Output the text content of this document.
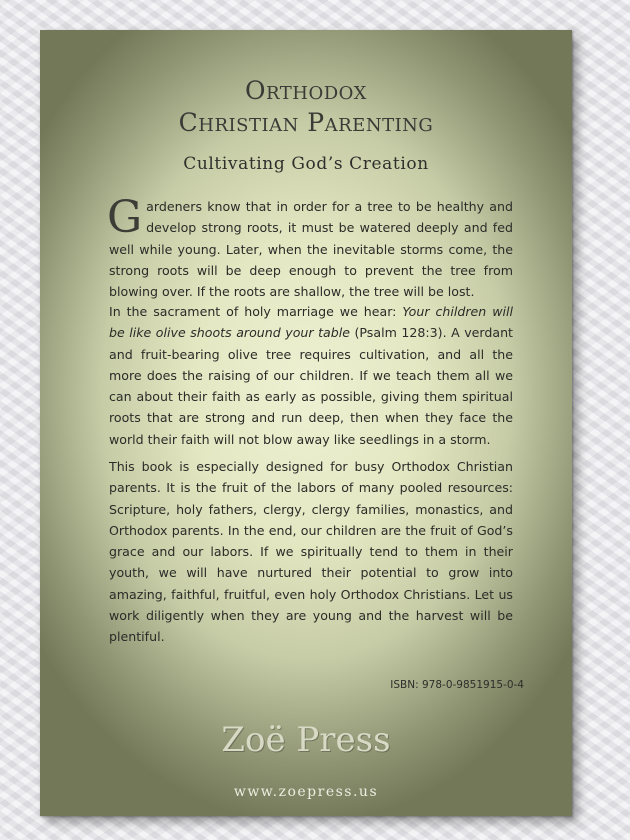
Orthodox
Christian Parenting
Cultivating God’s Creation
Gardeners know that in order for a tree to be healthy and develop strong roots, it must be watered deeply and fed well while young. Later, when the inevitable storms come, the strong roots will be deep enough to prevent the tree from blowing over. If the roots are shallow, the tree will be lost.
In the sacrament of holy marriage we hear: Your children will be like olive shoots around your table (Psalm 128:3). A verdant and fruit-bearing olive tree requires cultivation, and all the more does the raising of our children. If we teach them all we can about their faith as early as possible, giving them spiritual roots that are strong and run deep, then when they face the world their faith will not blow away like seedlings in a storm.
This book is especially designed for busy Orthodox Christian parents. It is the fruit of the labors of many pooled resources: Scripture, holy fathers, clergy, clergy families, monastics, and Orthodox parents. In the end, our children are the fruit of God’s grace and our labors. If we spiritually tend to them in their youth, we will have nurtured their potential to grow into amazing, faithful, fruitful, even holy Orthodox Christians. Let us work diligently when they are young and the harvest will be plentiful.
ISBN: 978-0-9851915-0-4
Zoë Press
www.zoepress.us
